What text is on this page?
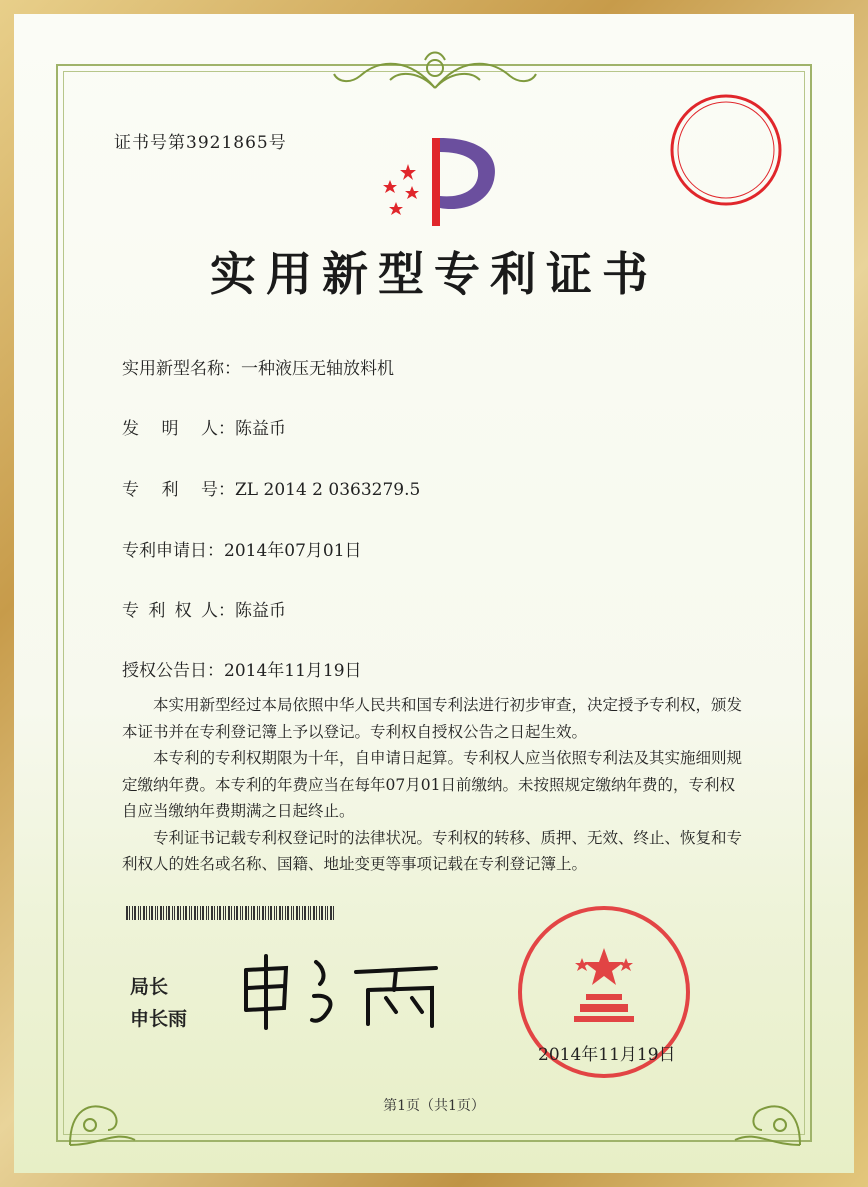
证书号第3921865号
实用新型专利证书
实用新型名称：一种液压无轴放料机
发明人：陈益币
专利号：ZL 2014 2 0363279.5
专利申请日：2014年07月01日
专利权人：陈益币
授权公告日：2014年11月19日

本实用新型经过本局依照中华人民共和国专利法进行初步审查，决定授予专利权，颁发本证书并在专利登记簿上予以登记。专利权自授权公告之日起生效。

本专利的专利权期限为十年，自申请日起算。专利权人应当依照专利法及其实施细则规定缴纳年费。本专利的年费应当在每年07月01日前缴纳。未按照规定缴纳年费的，专利权自应当缴纳年费期满之日起终止。

专利证书记载专利权登记时的法律状况。专利权的转移、质押、无效、终止、恢复和专利权人的姓名或名称、国籍、地址变更等事项记载在专利登记簿上。

局长
申长雨
2014年11月19日
第1页（共1页）
